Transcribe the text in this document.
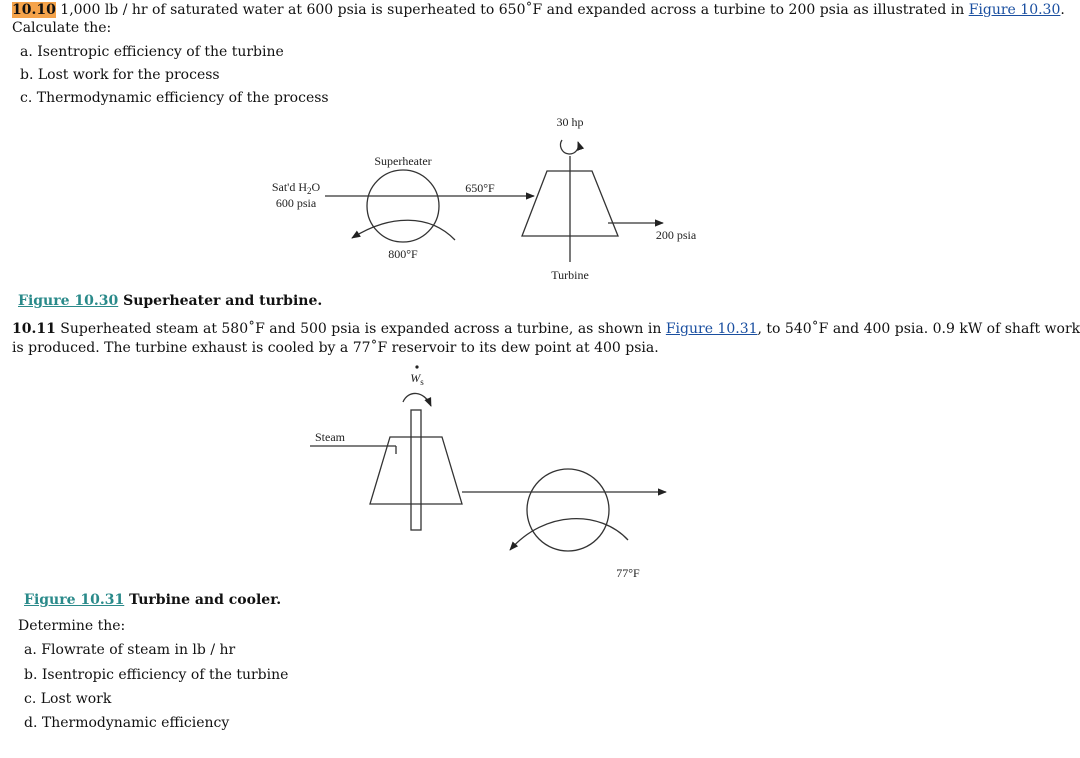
10.10 1,000 lb / hr of saturated water at 600 psia is superheated to 650˚F and expanded across a turbine to 200 psia as illustrated in Figure 10.30.

Calculate the:

a. Isentropic efficiency of the turbine

b. Lost work for the process

c. Thermodynamic efficiency of the process

30 hp
Superheater
Sat'd $H_2O$
600 psia
650°F
200 psia
800°F
Turbine

Figure 10.30 Superheater and turbine.

10.11 Superheated steam at 580˚F and 500 psia is expanded across a turbine, as shown in Figure 10.31, to 540˚F and 400 psia. 0.9 kW of shaft work

is produced. The turbine exhaust is cooled by a 77˚F reservoir to its dew point at 400 psia.

$W_s$
Steam
77°F

Figure 10.31 Turbine and cooler.

Determine the:

a. Flowrate of steam in lb / hr

b. Isentropic efficiency of the turbine

c. Lost work

d. Thermodynamic efficiency
